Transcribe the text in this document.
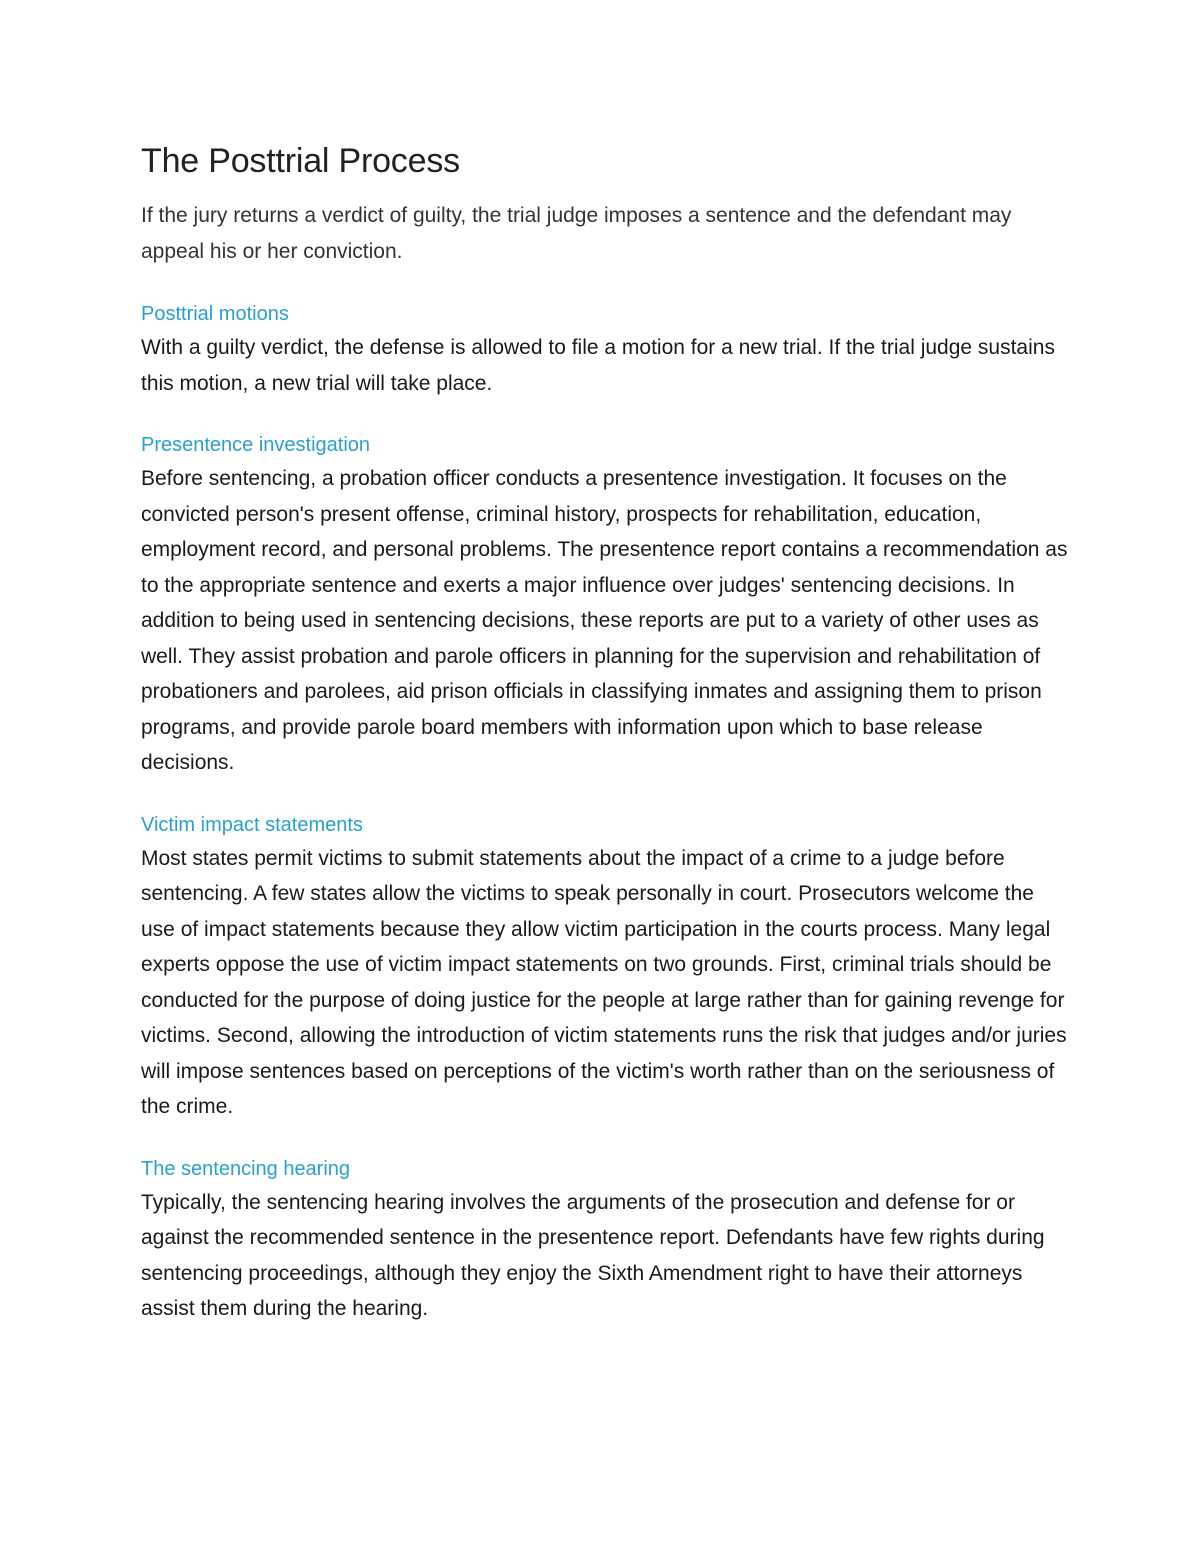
The Posttrial Process

If the jury returns a verdict of guilty, the trial judge imposes a sentence and the defendant may appeal his or her conviction.

Posttrial motions

With a guilty verdict, the defense is allowed to file a motion for a new trial. If the trial judge sustains this motion, a new trial will take place.

Presentence investigation

Before sentencing, a probation officer conducts a presentence investigation. It focuses on the convicted person's present offense, criminal history, prospects for rehabilitation, education, employment record, and personal problems. The presentence report contains a recommendation as to the appropriate sentence and exerts a major influence over judges' sentencing decisions. In addition to being used in sentencing decisions, these reports are put to a variety of other uses as well. They assist probation and parole officers in planning for the supervision and rehabilitation of probationers and parolees, aid prison officials in classifying inmates and assigning them to prison programs, and provide parole board members with information upon which to base release decisions.

Victim impact statements

Most states permit victims to submit statements about the impact of a crime to a judge before sentencing. A few states allow the victims to speak personally in court. Prosecutors welcome the use of impact statements because they allow victim participation in the courts process. Many legal experts oppose the use of victim impact statements on two grounds. First, criminal trials should be conducted for the purpose of doing justice for the people at large rather than for gaining revenge for victims. Second, allowing the introduction of victim statements runs the risk that judges and/or juries will impose sentences based on perceptions of the victim's worth rather than on the seriousness of the crime.

The sentencing hearing

Typically, the sentencing hearing involves the arguments of the prosecution and defense for or against the recommended sentence in the presentence report. Defendants have few rights during sentencing proceedings, although they enjoy the Sixth Amendment right to have their attorneys assist them during the hearing.
